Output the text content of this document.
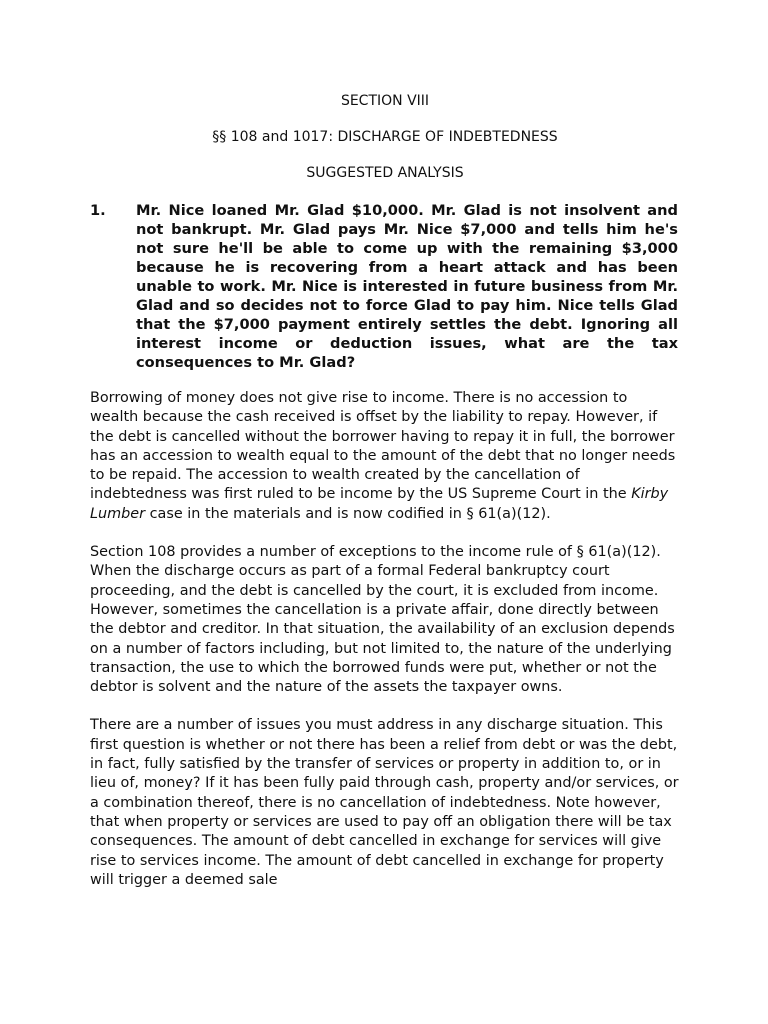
SECTION VIII

§§ 108 and 1017: DISCHARGE OF INDEBTEDNESS

SUGGESTED ANALYSIS

1.	Mr. Nice loaned Mr. Glad $10,000. Mr. Glad is not insolvent and not bankrupt. Mr. Glad pays Mr. Nice $7,000 and tells him he's not sure he'll be able to come up with the remaining $3,000 because he is recovering from a heart attack and has been unable to work. Mr. Nice is interested in future business from Mr. Glad and so decides not to force Glad to pay him. Nice tells Glad that the $7,000 payment entirely settles the debt. Ignoring all interest income or deduction issues, what are the tax consequences to Mr. Glad?

Borrowing of money does not give rise to income. There is no accession to wealth because the cash received is offset by the liability to repay. However, if the debt is cancelled without the borrower having to repay it in full, the borrower has an accession to wealth equal to the amount of the debt that no longer needs to be repaid. The accession to wealth created by the cancellation of indebtedness was first ruled to be income by the US Supreme Court in the Kirby Lumber case in the materials and is now codified in § 61(a)(12).

Section 108 provides a number of exceptions to the income rule of § 61(a)(12). When the discharge occurs as part of a formal Federal bankruptcy court proceeding, and the debt is cancelled by the court, it is excluded from income. However, sometimes the cancellation is a private affair, done directly between the debtor and creditor. In that situation, the availability of an exclusion depends on a number of factors including, but not limited to, the nature of the underlying transaction, the use to which the borrowed funds were put, whether or not the debtor is solvent and the nature of the assets the taxpayer owns.

There are a number of issues you must address in any discharge situation. This first question is whether or not there has been a relief from debt or was the debt, in fact, fully satisfied by the transfer of services or property in addition to, or in lieu of, money? If it has been fully paid through cash, property and/or services, or a combination thereof, there is no cancellation of indebtedness. Note however, that when property or services are used to pay off an obligation there will be tax consequences. The amount of debt cancelled in exchange for services will give rise to services income. The amount of debt cancelled in exchange for property will trigger a deemed sale
